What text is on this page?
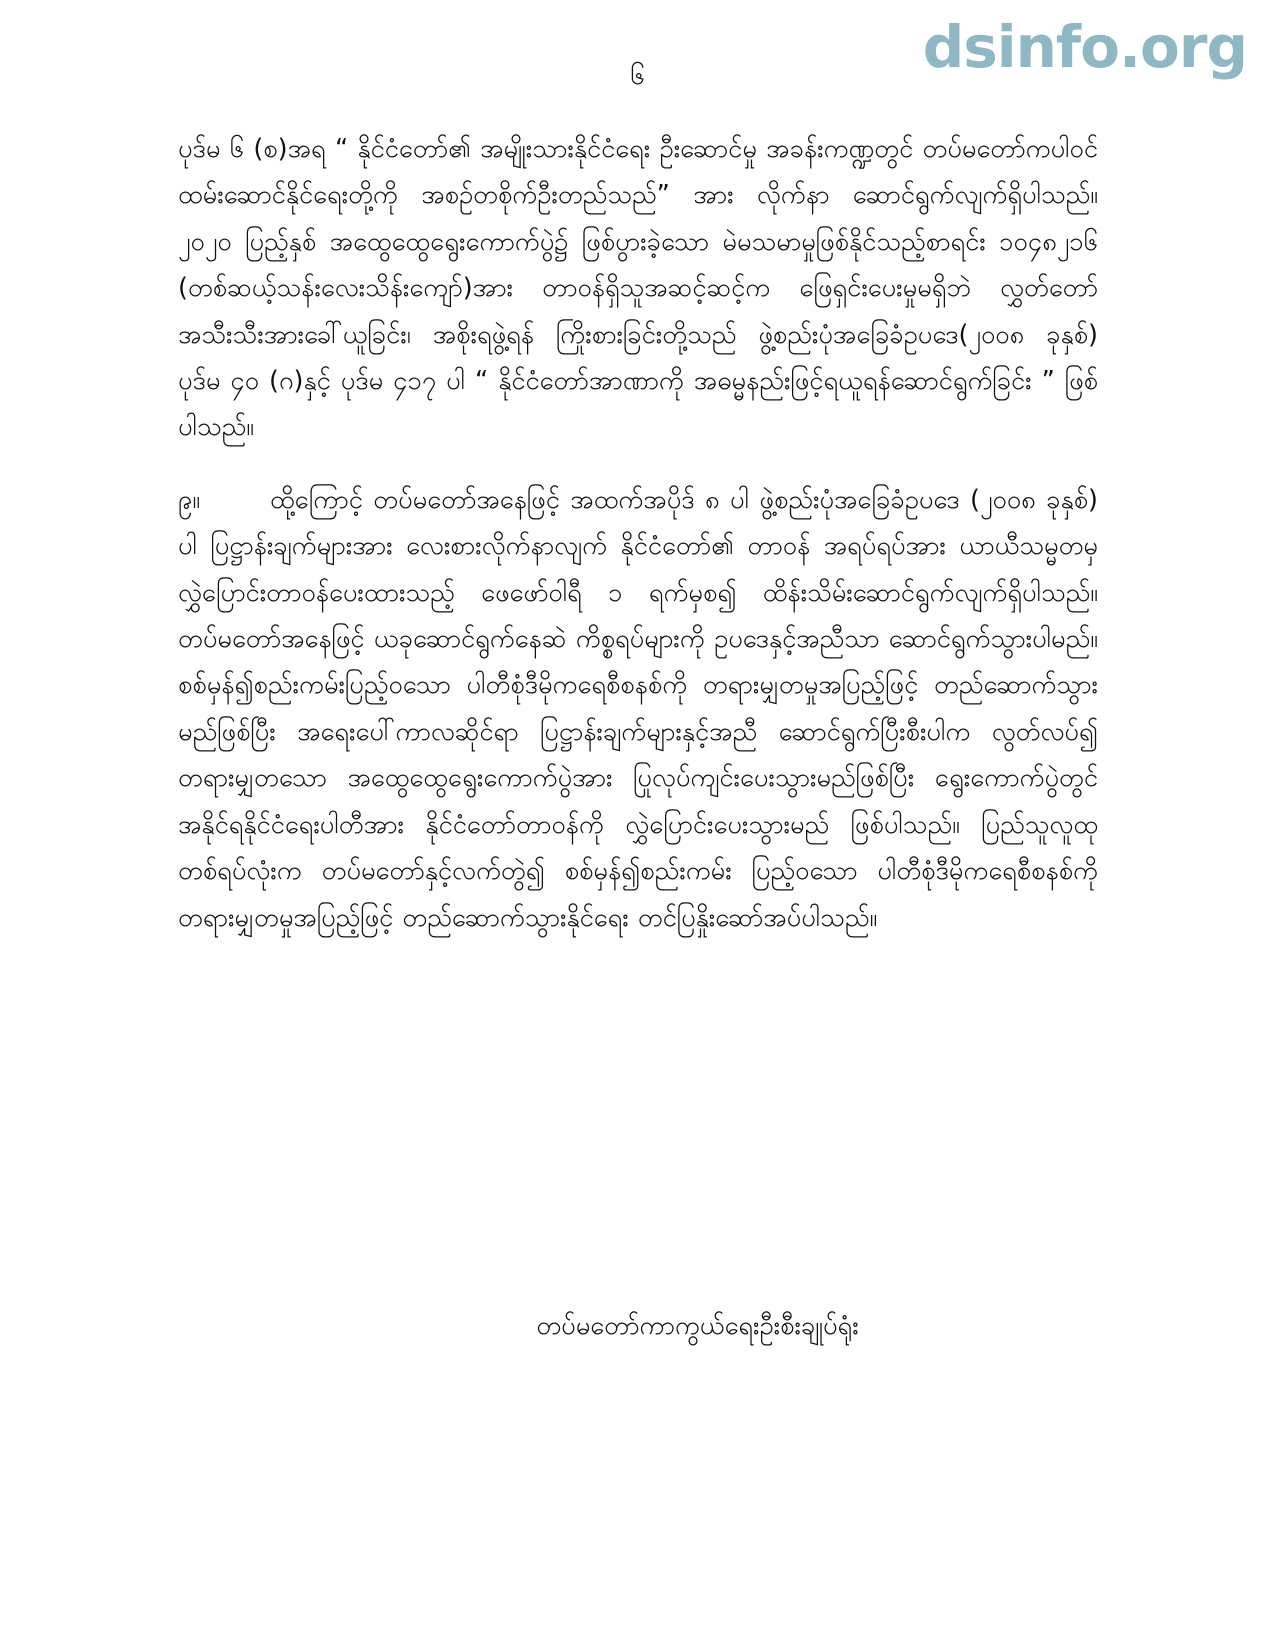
dsinfo.org
၆

ပုဒ်မ ၆ (စ)အရ “ နိုင်ငံတော်၏ အမျိုးသားနိုင်ငံရေး ဦးဆောင်မှု အခန်းကဏ္ဍတွင် တပ်မတော်ကပါဝင်ထမ်းဆောင်နိုင်ရေးတို့ကို အစဉ်တစိုက်ဦးတည်သည်” အား လိုက်နာ ဆောင်ရွက်လျက်ရှိပါသည်။ ၂၀၂၀ ပြည့်နှစ် အထွေထွေရွေးကောက်ပွဲ၌ ဖြစ်ပွားခဲ့သော မဲမသမာမှုဖြစ်နိုင်သည့်စာရင်း ၁၀၄၈၂၁၆ (တစ်ဆယ့်သန်းလေးသိန်းကျော်)အား တာဝန်ရှိသူအဆင့်ဆင့်က ဖြေရှင်းပေးမှုမရှိဘဲ လွှတ်တော်အသီးသီးအားခေါ်ယူခြင်း၊ အစိုးရဖွဲ့ရန် ကြိုးစားခြင်းတို့သည် ဖွဲ့စည်းပုံအခြေခံဥပဒေ(၂၀၀၈ ခုနှစ်) ပုဒ်မ ၄၀ (ဂ)နှင့် ပုဒ်မ ၄၁၇ ပါ “ နိုင်ငံတော်အာဏာကို အဓမ္မနည်းဖြင့်ရယူရန်ဆောင်ရွက်ခြင်း ” ဖြစ်ပါသည်။

၉။	ထို့ကြောင့် တပ်မတော်အနေဖြင့် အထက်အပိုဒ် ၈ ပါ ဖွဲ့စည်းပုံအခြေခံဥပဒေ (၂၀၀၈ ခုနှစ်) ပါ ပြဋ္ဌာန်းချက်များအား လေးစားလိုက်နာလျက် နိုင်ငံတော်၏ တာဝန် အရပ်ရပ်အား ယာယီသမ္မတမှ လွှဲပြောင်းတာဝန်ပေးထားသည့် ဖေဖော်ဝါရီ ၁ ရက်မှစ၍ ထိန်းသိမ်းဆောင်ရွက်လျက်ရှိပါသည်။ တပ်မတော်အနေဖြင့် ယခုဆောင်ရွက်နေဆဲ ကိစ္စရပ်များကို ဥပဒေနှင့်အညီသာ ဆောင်ရွက်သွားပါမည်။ စစ်မှန်၍စည်းကမ်းပြည့်ဝသော ပါတီစုံဒီမိုကရေစီစနစ်ကို တရားမျှတမှုအပြည့်ဖြင့် တည်ဆောက်သွားမည်ဖြစ်ပြီး အရေးပေါ်ကာလဆိုင်ရာ ပြဋ္ဌာန်းချက်များနှင့်အညီ ဆောင်ရွက်ပြီးစီးပါက လွတ်လပ်၍ တရားမျှတသော အထွေထွေရွေးကောက်ပွဲအား ပြုလုပ်ကျင်းပေးသွားမည်ဖြစ်ပြီး ရွေးကောက်ပွဲတွင် အနိုင်ရနိုင်ငံရေးပါတီအား နိုင်ငံတော်တာဝန်ကို လွှဲပြောင်းပေးသွားမည် ဖြစ်ပါသည်။ ပြည်သူလူထု တစ်ရပ်လုံးက တပ်မတော်နှင့်လက်တွဲ၍ စစ်မှန်၍စည်းကမ်း ပြည့်ဝသော ပါတီစုံဒီမိုကရေစီစနစ်ကို တရားမျှတမှုအပြည့်ဖြင့် တည်ဆောက်သွားနိုင်ရေး တင်ပြနှိုးဆော်အပ်ပါသည်။

တပ်မတော်ကာကွယ်ရေးဦးစီးချုပ်ရုံး
